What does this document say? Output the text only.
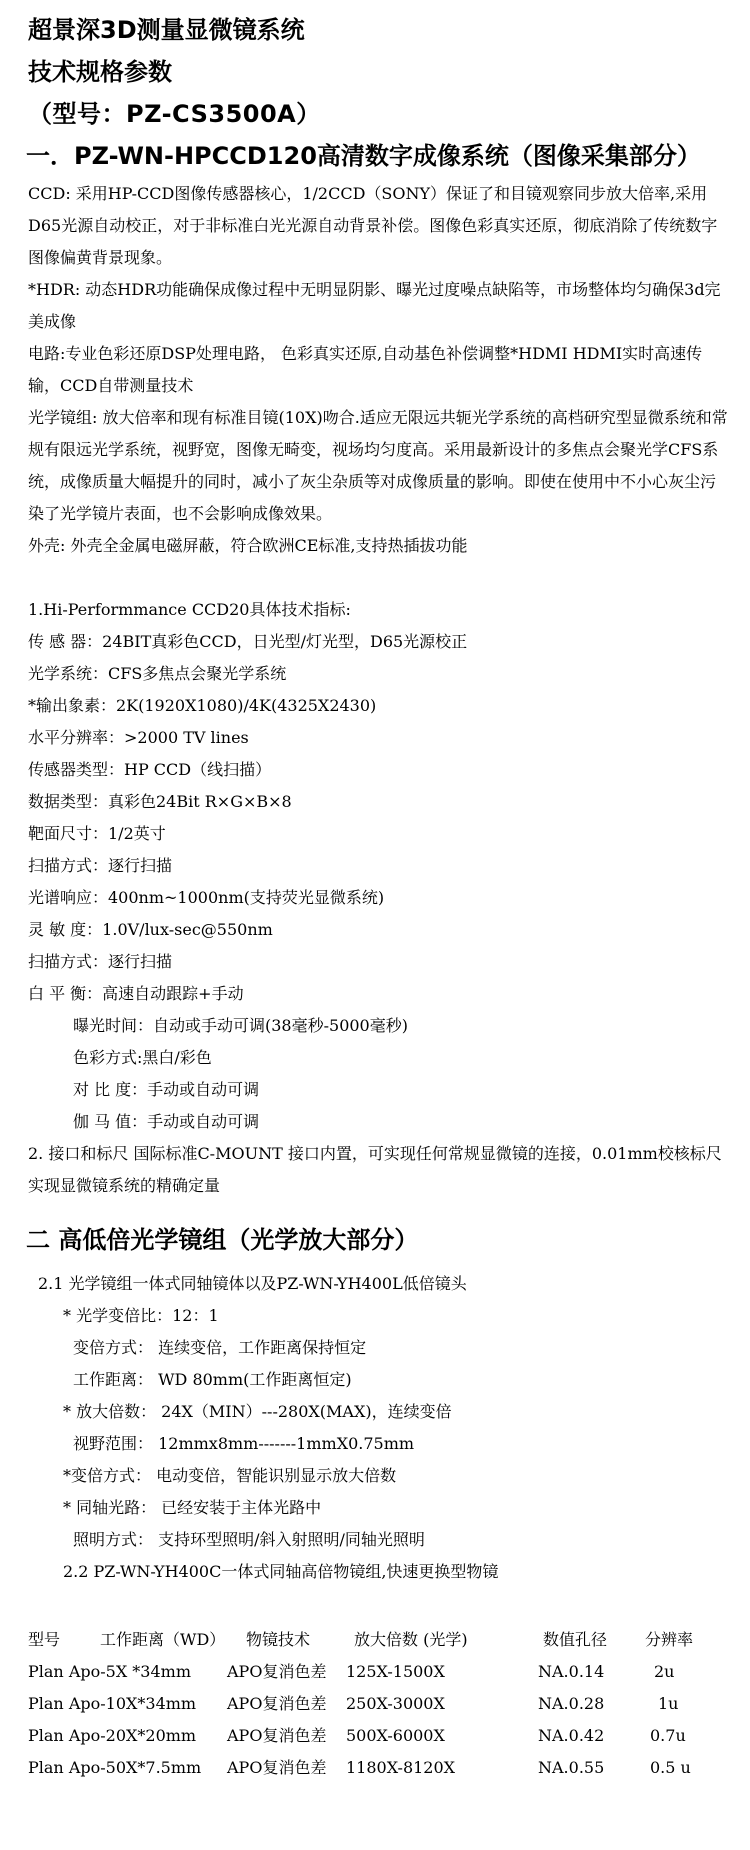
超景深3D测量显微镜系统
技术规格参数
（型号：PZ-CS3500A）
一．PZ-WN-HPCCD120高清数字成像系统（图像采集部分）
CCD: 采用HP-CCD图像传感器核心，1/2CCD（SONY）保证了和目镜观察同步放大倍率,采用D65光源自动校正，对于非标准白光光源自动背景补偿。图像色彩真实还原，彻底消除了传统数字图像偏黄背景现象。
*HDR: 动态HDR功能确保成像过程中无明显阴影、曝光过度噪点缺陷等，市场整体均匀确保3d完美成像
电路:专业色彩还原DSP处理电路， 色彩真实还原,自动基色补偿调整*HDMI HDMI实时高速传输，CCD自带测量技术
光学镜组: 放大倍率和现有标准目镜(10X)吻合.适应无限远共轭光学系统的高档研究型显微系统和常规有限远光学系统，视野宽，图像无畸变，视场均匀度高。采用最新设计的多焦点会聚光学CFS系统，成像质量大幅提升的同时，减小了灰尘杂质等对成像质量的影响。即使在使用中不小心灰尘污染了光学镜片表面，也不会影响成像效果。
外壳: 外壳全金属电磁屏蔽，符合欧洲CE标准,支持热插拔功能
1.Hi-Performmance CCD20具体技术指标:
传 感 器：24BIT真彩色CCD，日光型/灯光型，D65光源校正
光学系统：CFS多焦点会聚光学系统
*输出象素：2K(1920X1080)/4K(4325X2430)
水平分辨率：>2000 TV lines
传感器类型：HP CCD（线扫描）
数据类型：真彩色24Bit R×G×B×8
靶面尺寸：1/2英寸
扫描方式：逐行扫描
光谱响应：400nm~1000nm(支持荧光显微系统)
灵 敏 度：1.0V/lux-sec@550nm
扫描方式：逐行扫描
白 平 衡：高速自动跟踪+手动
曝光时间：自动或手动可调(38毫秒-5000毫秒)
色彩方式:黑白/彩色
对 比 度：手动或自动可调
伽 马 值：手动或自动可调
2. 接口和标尺 国际标准C-MOUNT 接口内置，可实现任何常规显微镜的连接，0.01mm校核标尺实现显微镜系统的精确定量
二 高低倍光学镜组（光学放大部分）
2.1 光学镜组一体式同轴镜体以及PZ-WN-YH400L低倍镜头
* 光学变倍比：12：1
变倍方式： 连续变倍，工作距离保持恒定
工作距离： WD 80mm(工作距离恒定)
* 放大倍数： 24X（MIN）---280X(MAX)，连续变倍
视野范围： 12mmx8mm-------1mmX0.75mm
*变倍方式： 电动变倍，智能识别显示放大倍数
* 同轴光路： 已经安装于主体光路中
照明方式： 支持环型照明/斜入射照明/同轴光照明
2.2 PZ-WN-YH400C一体式同轴高倍物镜组,快速更换型物镜
型号 工作距离（WD） 物镜技术	放大倍数 (光学)	数值孔径 分辨率
Plan Apo-5X *34mm APO复消色差 125X-1500X	NA.0.14	2u
Plan Apo-10X*34mm APO复消色差 250X-3000X	NA.0.28	1u
Plan Apo-20X*20mm APO复消色差 500X-6000X	NA.0.42	0.7u
Plan Apo-50X*7.5mm APO复消色差 1180X-8120X	NA.0.55	0.5 u
